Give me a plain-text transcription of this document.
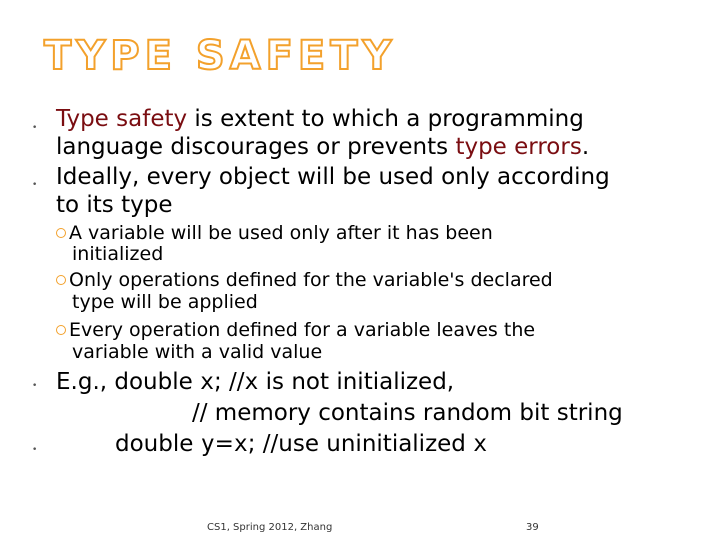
TYPE SAFETY
• Type safety is extent to which a programming
language discourages or prevents type errors.
• Ideally, every object will be used only according
to its type
A variable will be used only after it has been
initialized
Only operations defined for the variable's declared
type will be applied
Every operation defined for a variable leaves the
variable with a valid value
• E.g., double x; //x is not initialized,
// memory contains random bit string
•	double y=x; //use uninitialized x
CS1, Spring 2012, Zhang	39
